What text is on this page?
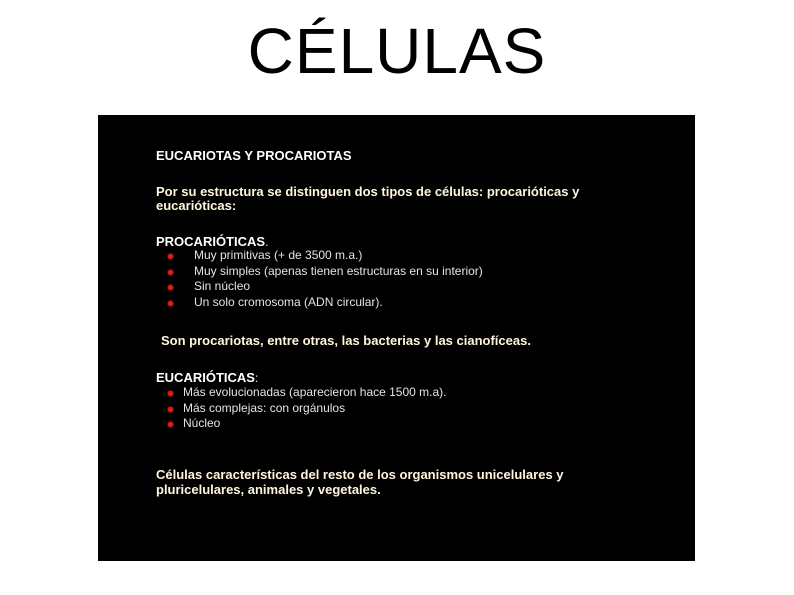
CÉLULAS

EUCARIOTAS Y PROCARIOTAS

Por su estructura se distinguen dos tipos de células: procarióticas y

eucarióticas:

PROCARIÓTICAS.

Muy primitivas (+ de 3500 m.a.)
Muy simples (apenas tienen estructuras en su interior)
Sin núcleo
Un solo cromosoma (ADN circular).

Son procariotas, entre otras, las bacterias y las cianofíceas.

EUCARIÓTICAS:

Más evolucionadas (aparecieron hace 1500 m.a).
Más complejas: con orgánulos
Núcleo

Células características del resto de los organismos unicelulares y

pluricelulares, animales y vegetales.
